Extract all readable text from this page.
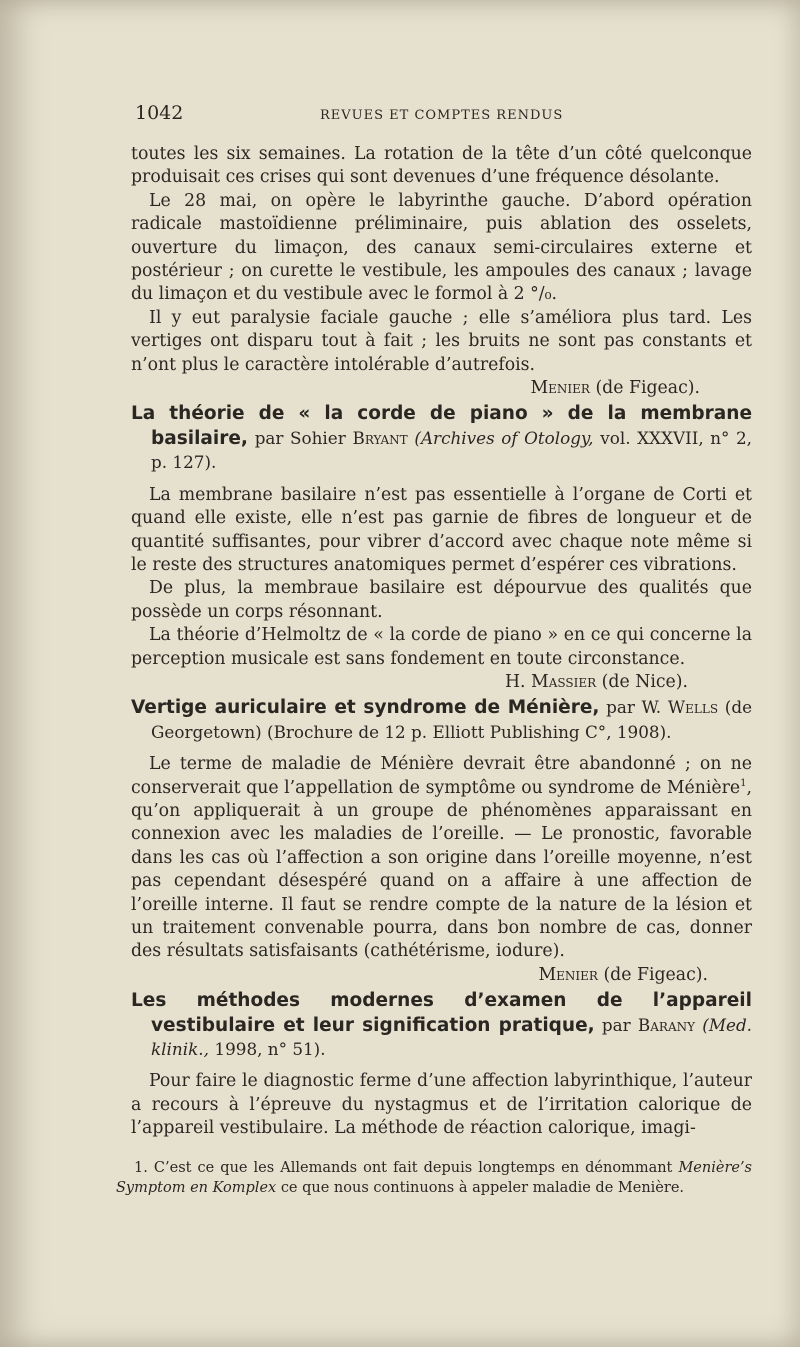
1042	REVUES ET COMPTES RENDUS

toutes les six semaines. La rotation de la tête d’un côté quelconque produisait ces crises qui sont devenues d’une fréquence désolante.

Le 28 mai, on opère le labyrinthe gauche. D’abord opération radicale mastoïdienne préliminaire, puis ablation des osselets, ouverture du limaçon, des canaux semi-circulaires externe et postérieur ; on curette le vestibule, les ampoules des canaux ; lavage du limaçon et du vestibule avec le formol à 2 °/₀.

Il y eut paralysie faciale gauche ; elle s’améliora plus tard. Les vertiges ont disparu tout à fait ; les bruits ne sont pas constants et n’ont plus le caractère intolérable d’autrefois.

Menier (de Figeac).

La théorie de « la corde de piano » de la membrane basilaire, par Sohier Bryant (Archives of Otology, vol. XXXVII, n° 2, p. 127).

La membrane basilaire n’est pas essentielle à l’organe de Corti et quand elle existe, elle n’est pas garnie de fibres de longueur et de quantité suffisantes, pour vibrer d’accord avec chaque note même si le reste des structures anatomiques permet d’espérer ces vibrations.

De plus, la membraue basilaire est dépourvue des qualités que possède un corps résonnant.

La théorie d’Helmoltz de « la corde de piano » en ce qui concerne la perception musicale est sans fondement en toute circonstance.

H. Massier (de Nice).

Vertige auriculaire et syndrome de Ménière, par W. Wells (de Georgetown) (Brochure de 12 p. Elliott Publishing C°, 1908).

Le terme de maladie de Ménière devrait être abandonné ; on ne conserverait que l’appellation de symptôme ou syndrome de Ménière$^1$, qu’on appliquerait à un groupe de phénomènes apparaissant en connexion avec les maladies de l’oreille. — Le pronostic, favorable dans les cas où l’affection a son origine dans l’oreille moyenne, n’est pas cependant désespéré quand on a affaire à une affection de l’oreille interne. Il faut se rendre compte de la nature de la lésion et un traitement convenable pourra, dans bon nombre de cas, donner des résultats satisfaisants (cathétérisme, iodure).

Menier (de Figeac).

Les méthodes modernes d’examen de l’appareil vestibulaire et leur signification pratique, par Barany (Med. klinik., 1998, n° 51).

Pour faire le diagnostic ferme d’une affection labyrinthique, l’auteur a recours à l’épreuve du nystagmus et de l’irritation calorique de l’appareil vestibulaire. La méthode de réaction calorique, imagi-

1. C’est ce que les Allemands ont fait depuis longtemps en dénommant Menière’s Symptom en Komplex ce que nous continuons à appeler maladie de Menière.
